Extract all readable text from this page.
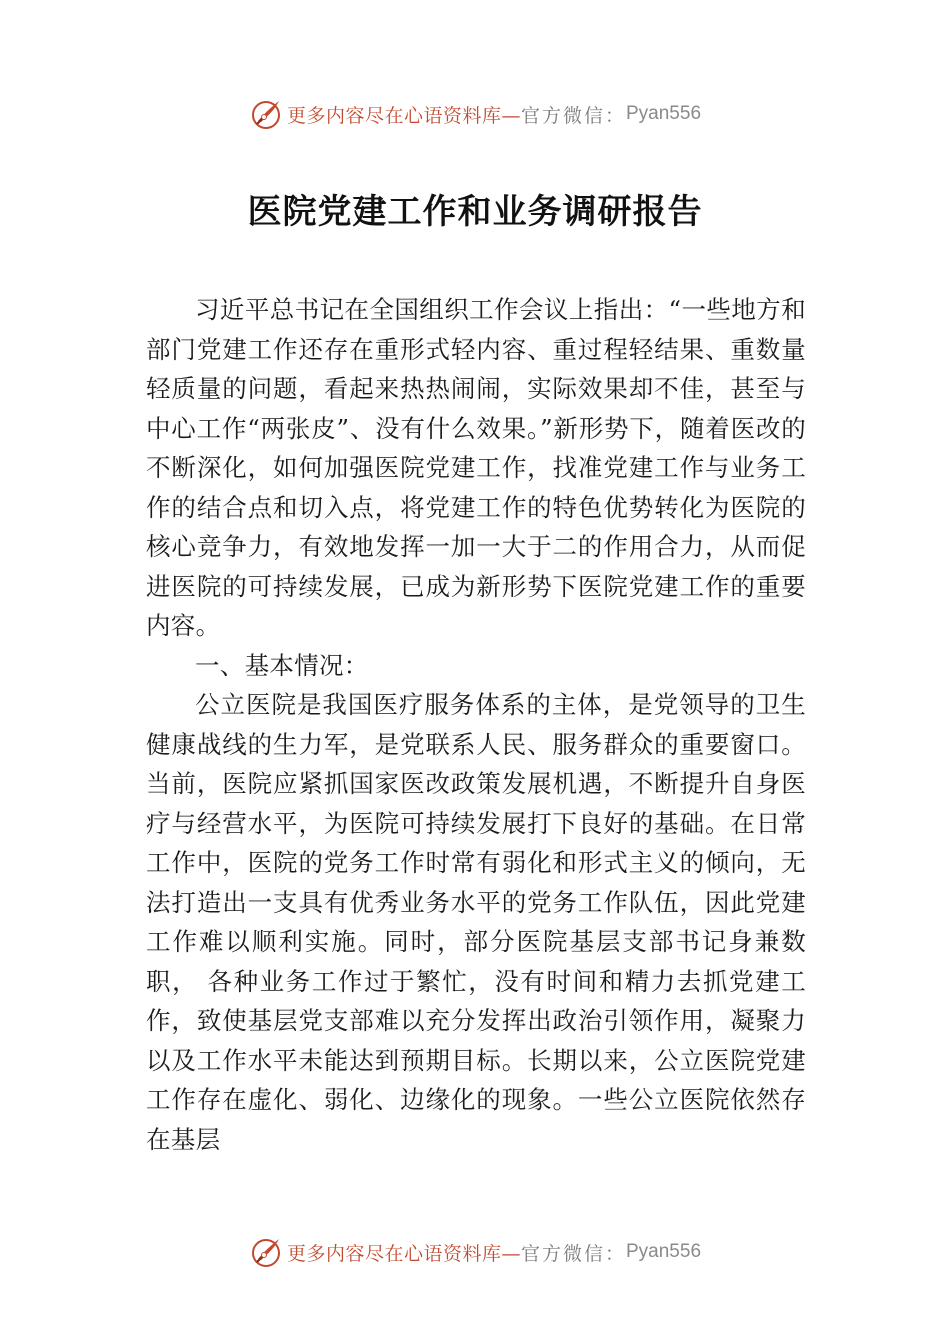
更多内容尽在心语资料库— 官方微信： Pyan556
医院党建工作和业务调研报告

习近平总书记在全国组织工作会议上指出：“一些地方和部门党建工作还存在重形式轻内容、重过程轻结果、重数量轻质量的问题，看起来热热闹闹，实际效果却不佳，甚至与中心工作“两张皮”、没有什么效果。”新形势下，随着医改的不断深化，如何加强医院党建工作，找准党建工作与业务工作的结合点和切入点，将党建工作的特色优势转化为医院的核心竞争力，有效地发挥一加一大于二的作用合力，从而促进医院的可持续发展，已成为新形势下医院党建工作的重要内容。

一、基本情况：

公立医院是我国医疗服务体系的主体，是党领导的卫生健康战线的生力军，是党联系人民、服务群众的重要窗口。 当前，医院应紧抓国家医改政策发展机遇，不断提升自身医疗与经营水平，为医院可持续发展打下良好的基础。在日常工作中，医院的党务工作时常有弱化和形式主义的倾向，无法打造出一支具有优秀业务水平的党务工作队伍，因此党建工作难以顺利实施。同时，部分医院基层支部书记身兼数职， 各种业务工作过于繁忙，没有时间和精力去抓党建工作，致使基层党支部难以充分发挥出政治引领作用，凝聚力以及工作水平未能达到预期目标。长期以来，公立医院党建工作存在虚化、弱化、边缘化的现象。一些公立医院依然存在基层

更多内容尽在心语资料库— 官方微信： Pyan556
